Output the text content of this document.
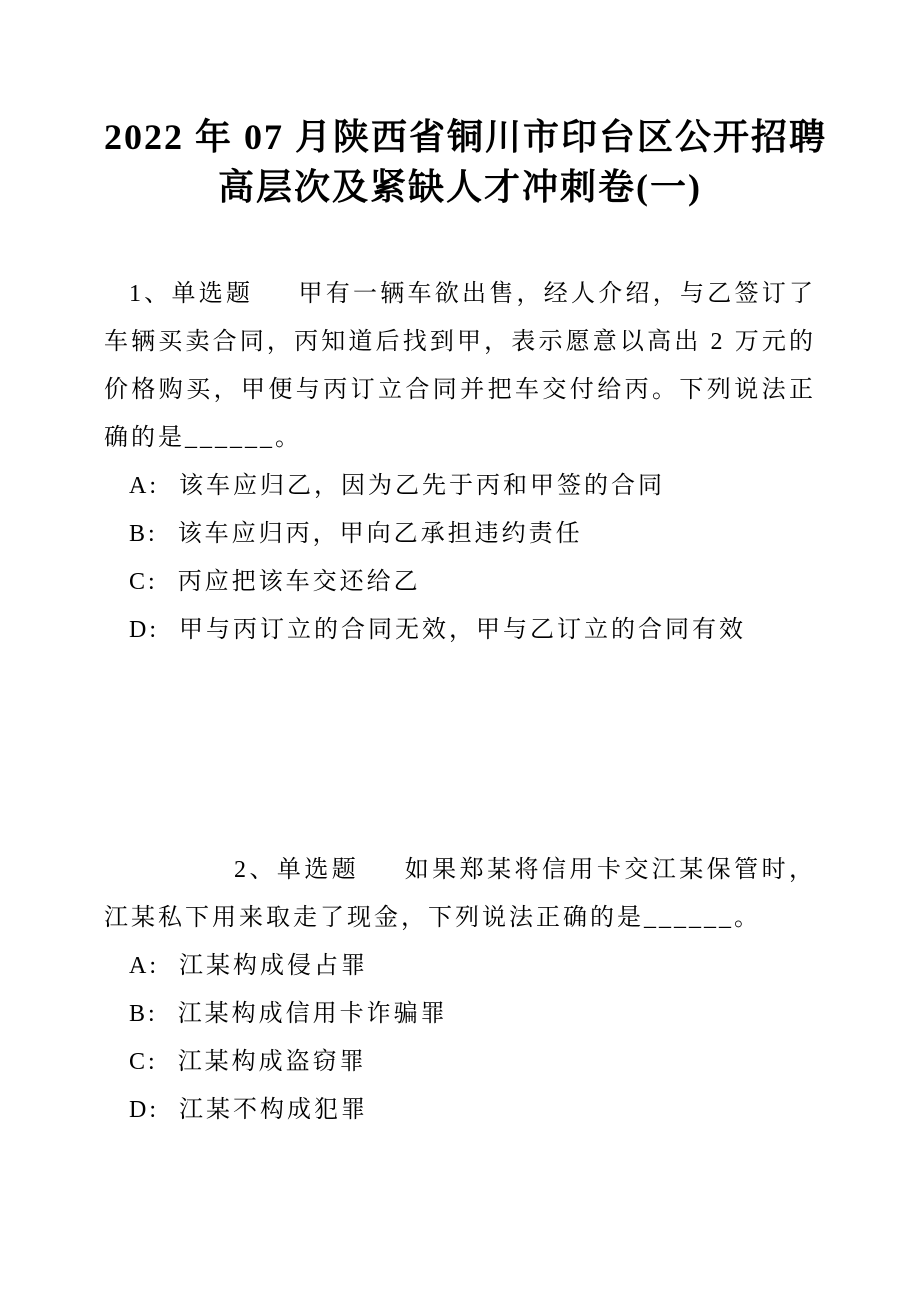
2022 年 07 月陕西省铜川市印台区公开招聘
高层次及紧缺人才冲刺卷(一)

1、单选题 甲有一辆车欲出售，经人介绍，与乙签订了车辆买卖合同，丙知道后找到甲，表示愿意以高出 2 万元的价格购买，甲便与丙订立合同并把车交付给丙。下列说法正确的是______。

A: 该车应归乙，因为乙先于丙和甲签的合同

B: 该车应归丙，甲向乙承担违约责任

C: 丙应把该车交还给乙

D: 甲与丙订立的合同无效，甲与乙订立的合同有效

2、单选题 如果郑某将信用卡交江某保管时，江某私下用来取走了现金，下列说法正确的是______。

A: 江某构成侵占罪

B: 江某构成信用卡诈骗罪

C: 江某构成盗窃罪

D: 江某不构成犯罪
